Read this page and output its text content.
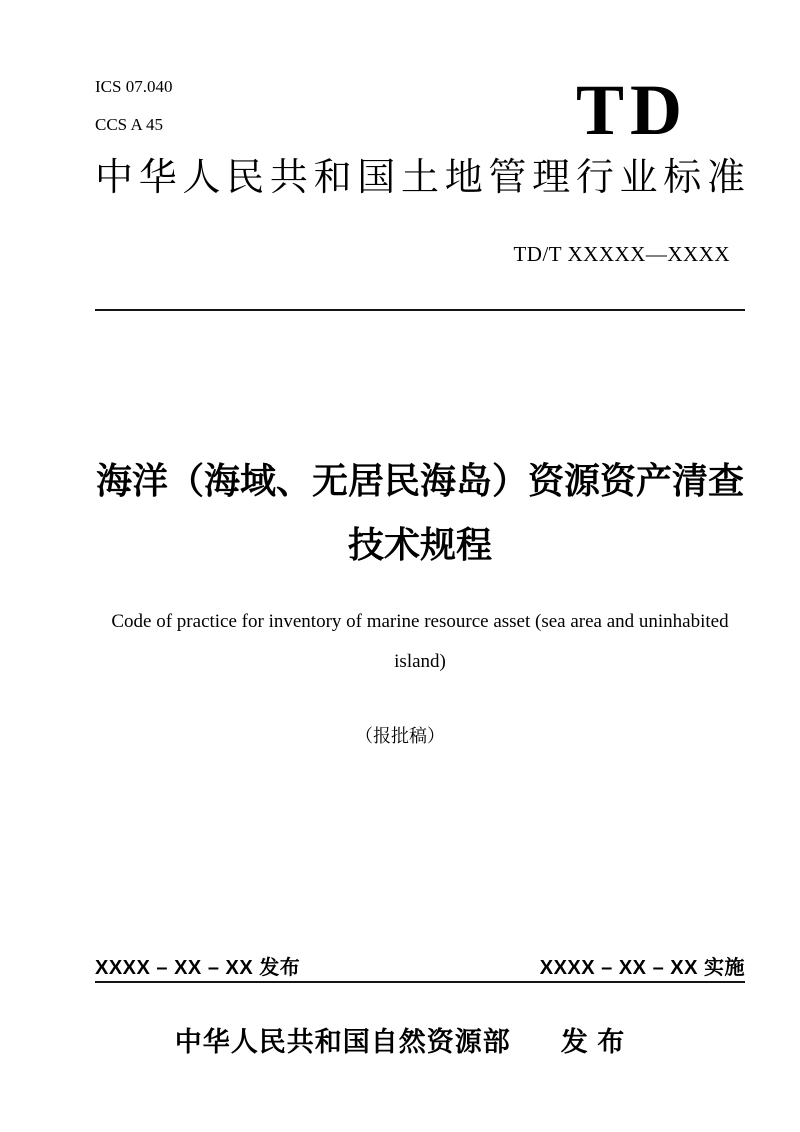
ICS 07.040
CCS A 45	TD
中华人民共和国土地管理行业标准
TD/T XXXXX—XXXX
海洋（海域、无居民海岛）资源资产清查
技术规程
Code of practice for inventory of marine resource asset (sea area and uninhabited
island)
（报批稿）
XXXX – XX – XX 发布	XXXX – XX – XX 实施
中华人民共和国自然资源部 发 布
